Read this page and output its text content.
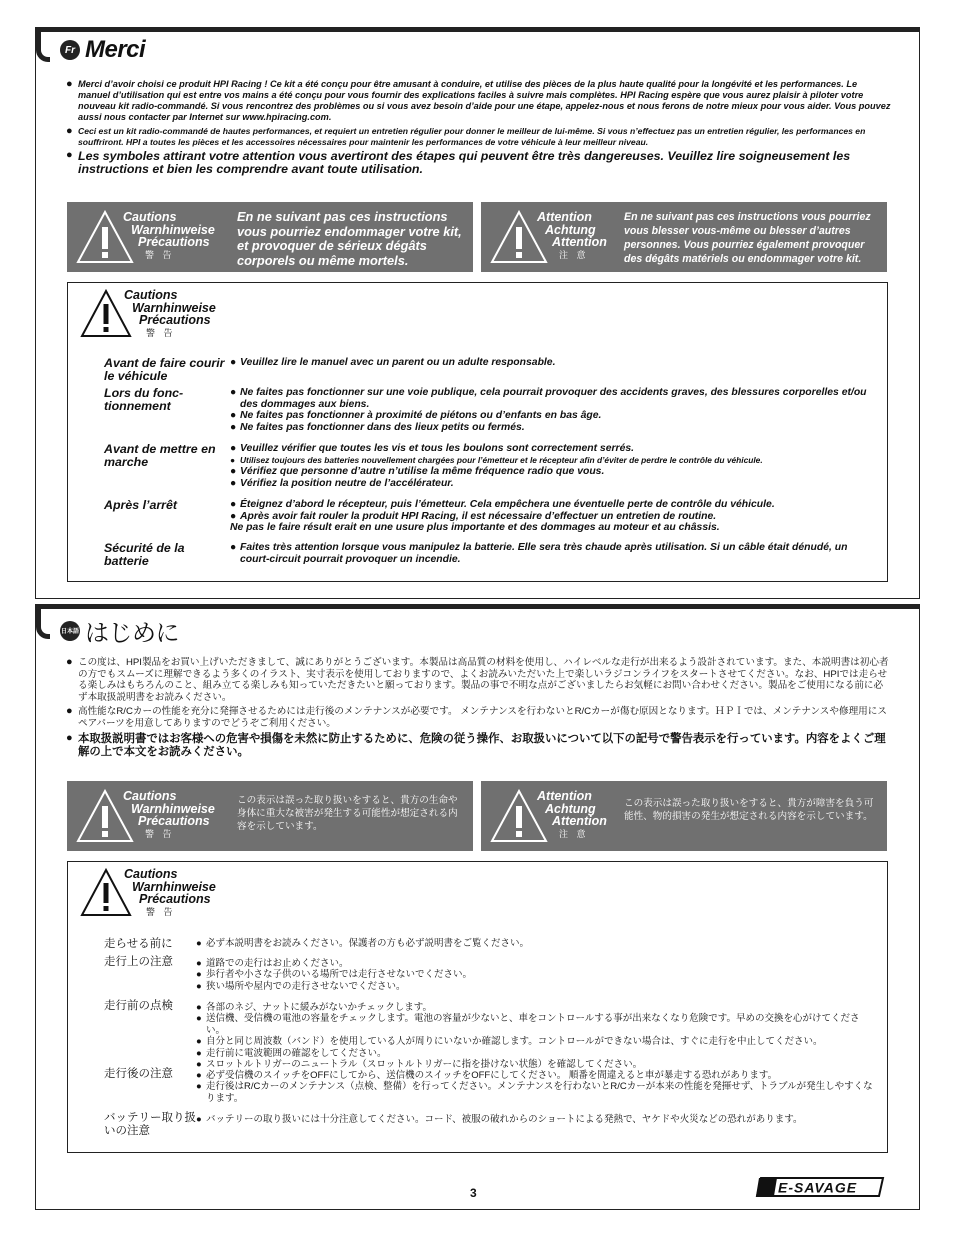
Fr Merci
● Merci d’avoir choisi ce produit HPI Racing ! Ce kit a été conçu pour être amusant à conduire, et utilise des pièces de la plus haute qualité pour la longévité et les performances. Le manuel d’utilisation qui est entre vos mains a été conçu pour vous fournir des explications faciles à suivre mais complètes. HPI Racing espère que vous aurez plaisir à piloter votre nouveau kit radio-commandé. Si vous rencontrez des problèmes ou si vous avez besoin d’aide pour une étape, appelez-nous et nous ferons de notre mieux pour vous aider. Vous pouvez aussi nous contacter par Internet sur www.hpiracing.com.
● Ceci est un kit radio-commandé de hautes performances, et requiert un entretien régulier pour donner le meilleur de lui-même. Si vous n’effectuez pas un entretien régulier, les performances en souffriront. HPI a toutes les pièces et les accessoires nécessaires pour maintenir les performances de votre véhicule à leur meilleur niveau.
● Les symboles attirant votre attention vous avertiront des étapes qui peuvent être très dangereuses. Veuillez lire soigneusement les instructions et bien les comprendre avant toute utilisation.
Cautions
Warnhinweise
Précautions
警 告
En ne suivant pas ces instructions vous pourriez endommager votre kit, et provoquer de sérieux dégâts corporels ou même mortels.
Attention
Achtung
Attention
注 意
En ne suivant pas ces instructions vous pourriez vous blesser vous-même ou blesser d’autres personnes. Vous pourriez également provoquer des dégâts matériels ou endommager votre kit.
Cautions
Warnhinweise
Précautions
警 告
Avant de faire courir le véhicule
● Veuillez lire le manuel avec un parent ou un adulte responsable.
Lors du fonc-tionnement
● Ne faites pas fonctionner sur une voie publique, cela pourrait provoquer des accidents graves, des blessures corporelles et/ou des dommages aux biens.
● Ne faites pas fonctionner à proximité de piétons ou d’enfants en bas âge.
● Ne faites pas fonctionner dans des lieux petits ou fermés.
Avant de mettre en marche
● Veuillez vérifier que toutes les vis et tous les boulons sont correctement serrés.
● Utilisez toujours des batteries nouvellement chargées pour l’émetteur et le récepteur afin d’éviter de perdre le contrôle du véhicule.
● Vérifiez que personne d’autre n’utilise la même fréquence radio que vous.
● Vérifiez la position neutre de l’accélérateur.
Après l’arrêt	● Éteignez d’abord le récepteur, puis l’émetteur. Cela empêchera une éventuelle perte de contrôle du véhicule.
● Après avoir fait rouler la produit HPI Racing, il est nécessaire d’effectuer un entretien de routine.
Ne pas le faire résult erait en une usure plus importante et des dommages au moteur et au châssis.
Sécurité de la batterie
● Faites très attention lorsque vous manipulez la batterie. Elle sera très chaude après utilisation. Si un câble était dénudé, un court-circuit pourrait provoquer un incendie.
日本語 はじめに
● この度は、HPI製品をお買い上げいただきまして、誠にありがとうございます。本製品は高品質の材料を使用し、ハイレベルな走行が出来るよう設計されています。また、本説明書は初心者の方でもスムーズに理解できるよう多くのイラスト、実寸表示を使用しておりますので、よくお読みいただいた上で楽しいラジコンライフをスタートさせてください。なお、HPIでは走らせる楽しみはもちろんのこと、組み立てる楽しみも知っていただきたいと願っております。製品の事で不明な点がございましたらお気軽にお問い合わせください。製品をご使用になる前に必ず本取扱説明書をお読みください。
● 高性能なR/Cカーの性能を充分に発揮させるためには走行後のメンテナンスが必要です。 メンテナンスを行わないとR/Cカーが傷む原因となります。ＨＰＩでは、メンテナンスや修理用にスペアパーツを用意してありますのでどうぞご利用ください。
● 本取扱説明書ではお客様への危害や損傷を未然に防止するために、危険の従う操作、お取扱いについて以下の記号で警告表示を行っています。内容をよくご理解の上で本文をお読みください。
Cautions
Warnhinweise
Précautions
警 告
この表示は誤った取り扱いをすると、貴方の生命や身体に重大な被害が発生する可能性が想定される内容を示しています。
Attention
Achtung
Attention
注 意
この表示は誤った取り扱いをすると、貴方が障害を負う可能性、物的損害の発生が想定される内容を示しています。
Cautions
Warnhinweise
Précautions
警 告
走らせる前に	● 必ず本説明書をお読みください。保護者の方も必ず説明書をご覧ください。
走行上の注意	● 道路での走行はお止めください。
● 歩行者や小さな子供のいる場所では走行させないでください。
● 狭い場所や屋内での走行させないでください。
走行前の点検	● 各部のネジ、ナットに緩みがないかチェックします。
● 送信機、受信機の電池の容量をチェックします。電池の容量が少ないと、車をコントロールする事が出来なくなり危険です。早めの交換を心がけてください。
● 自分と同じ周波数（バンド）を使用している人が周りにいないか確認します。コントロールができない場合は、すぐに走行を中止してください。
● 走行前に電波範囲の確認をしてください。
● スロットルトリガーのニュートラル（スロットルトリガーに指を掛けない状態）を確認してください。
走行後の注意	● 必ず受信機のスイッチをOFFにしてから、送信機のスイッチをOFFにしてください。 順番を間違えると車が暴走する恐れがあります。
● 走行後はR/Cカーのメンテナンス（点検、整備）を行ってください。メンテナンスを行わないとR/Cカーが本来の性能を発揮せず、トラブルが発生しやすくなります。
バッテリー取り扱いの注意
● バッテリーの取り扱いには十分注意してください。コード、被服の破れからのショートによる発熱で、ヤケドや火災などの恐れがあります。
3	E-SAVAGE
